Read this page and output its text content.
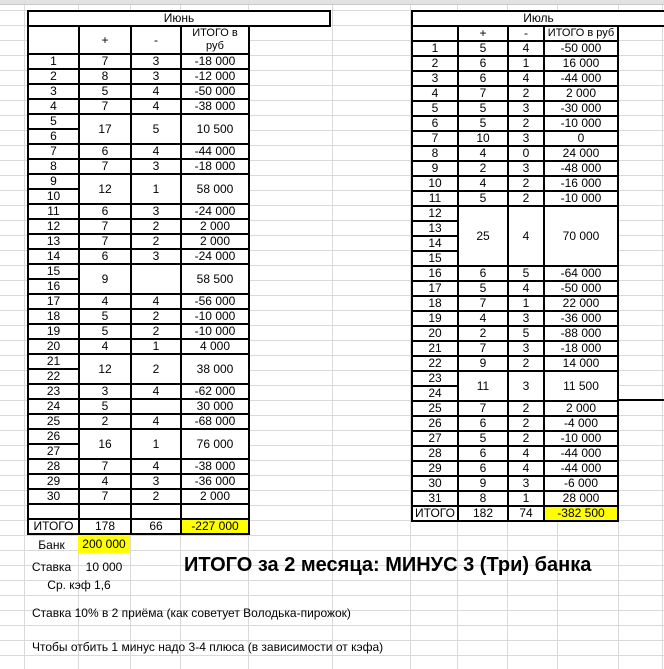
Июнь
	+	-	ИТОГО в руб
1	7	3	-18 000
2	8	3	-12 000
3	5	4	-50 000
4	7	4	-38 000
5	17	5	10 500
6			
7	6	4	-44 000
8	7	3	-18 000
9	12	1	58 000
10			
11	6	3	-24 000
12	7	2	2 000
13	7	2	2 000
14	6	3	-24 000
15	9		58 500
16			
17	4	4	-56 000
18	5	2	-10 000
19	5	2	-10 000
20	4	1	4 000
21	12	2	38 000
22			
23	3	4	-62 000
24	5		30 000
25	2	4	-68 000
26	16	1	76 000
27			
28	7	4	-38 000
29	4	3	-36 000
30	7	2	2 000

ИТОГО	178	66	-227 000
Июль
	+	-	ИТОГО в руб
1	5	4	-50 000
2	6	1	16 000
3	6	4	-44 000
4	7	2	2 000
5	5	3	-30 000
6	5	2	-10 000
7	10	3	0
8	4	0	24 000
9	2	3	-48 000
10	4	2	-16 000
11	5	2	-10 000
12	25	4	70 000
13			
14			
15			
16	6	5	-64 000
17	5	4	-50 000
18	7	1	22 000
19	4	3	-36 000
20	2	5	-88 000
21	7	3	-18 000
22	9	2	14 000
23	11	3	11 500
24			
25	7	2	2 000
26	6	2	-4 000
27	5	2	-10 000
28	6	4	-44 000
29	6	4	-44 000
30	9	3	-6 000
31	8	1	28 000
ИТОГО	182	74	-382 500
Банк	200 000
Ставка	10 000
Ср. кэф 1,6
ИТОГО за 2 месяца: МИНУС 3 (Три) банка
Ставка 10% в 2 приёма (как советует Володька-пирожок)
Чтобы отбить 1 минус надо 3-4 плюса (в зависимости от кэфа)
